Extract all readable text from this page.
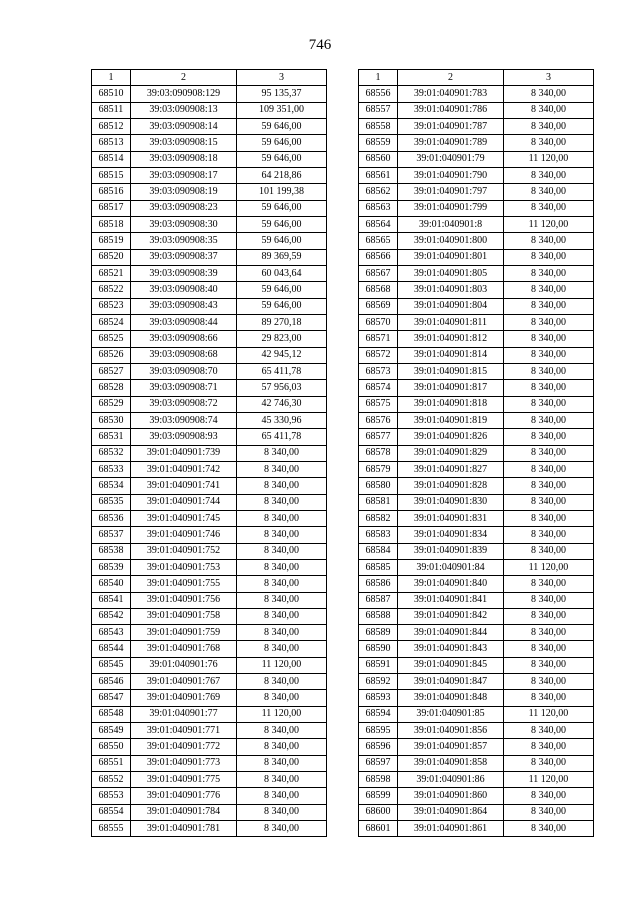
746
1	2	3
68510	39:03:090908:129	95 135,37
68511	39:03:090908:13	109 351,00
68512	39:03:090908:14	59 646,00
68513	39:03:090908:15	59 646,00
68514	39:03:090908:18	59 646,00
68515	39:03:090908:17	64 218,86
68516	39:03:090908:19	101 199,38
68517	39:03:090908:23	59 646,00
68518	39:03:090908:30	59 646,00
68519	39:03:090908:35	59 646,00
68520	39:03:090908:37	89 369,59
68521	39:03:090908:39	60 043,64
68522	39:03:090908:40	59 646,00
68523	39:03:090908:43	59 646,00
68524	39:03:090908:44	89 270,18
68525	39:03:090908:66	29 823,00
68526	39:03:090908:68	42 945,12
68527	39:03:090908:70	65 411,78
68528	39:03:090908:71	57 956,03
68529	39:03:090908:72	42 746,30
68530	39:03:090908:74	45 330,96
68531	39:03:090908:93	65 411,78
68532	39:01:040901:739	8 340,00
68533	39:01:040901:742	8 340,00
68534	39:01:040901:741	8 340,00
68535	39:01:040901:744	8 340,00
68536	39:01:040901:745	8 340,00
68537	39:01:040901:746	8 340,00
68538	39:01:040901:752	8 340,00
68539	39:01:040901:753	8 340,00
68540	39:01:040901:755	8 340,00
68541	39:01:040901:756	8 340,00
68542	39:01:040901:758	8 340,00
68543	39:01:040901:759	8 340,00
68544	39:01:040901:768	8 340,00
68545	39:01:040901:76	11 120,00
68546	39:01:040901:767	8 340,00
68547	39:01:040901:769	8 340,00
68548	39:01:040901:77	11 120,00
68549	39:01:040901:771	8 340,00
68550	39:01:040901:772	8 340,00
68551	39:01:040901:773	8 340,00
68552	39:01:040901:775	8 340,00
68553	39:01:040901:776	8 340,00
68554	39:01:040901:784	8 340,00
68555	39:01:040901:781	8 340,00
1	2	3
68556	39:01:040901:783	8 340,00
68557	39:01:040901:786	8 340,00
68558	39:01:040901:787	8 340,00
68559	39:01:040901:789	8 340,00
68560	39:01:040901:79	11 120,00
68561	39:01:040901:790	8 340,00
68562	39:01:040901:797	8 340,00
68563	39:01:040901:799	8 340,00
68564	39:01:040901:8	11 120,00
68565	39:01:040901:800	8 340,00
68566	39:01:040901:801	8 340,00
68567	39:01:040901:805	8 340,00
68568	39:01:040901:803	8 340,00
68569	39:01:040901:804	8 340,00
68570	39:01:040901:811	8 340,00
68571	39:01:040901:812	8 340,00
68572	39:01:040901:814	8 340,00
68573	39:01:040901:815	8 340,00
68574	39:01:040901:817	8 340,00
68575	39:01:040901:818	8 340,00
68576	39:01:040901:819	8 340,00
68577	39:01:040901:826	8 340,00
68578	39:01:040901:829	8 340,00
68579	39:01:040901:827	8 340,00
68580	39:01:040901:828	8 340,00
68581	39:01:040901:830	8 340,00
68582	39:01:040901:831	8 340,00
68583	39:01:040901:834	8 340,00
68584	39:01:040901:839	8 340,00
68585	39:01:040901:84	11 120,00
68586	39:01:040901:840	8 340,00
68587	39:01:040901:841	8 340,00
68588	39:01:040901:842	8 340,00
68589	39:01:040901:844	8 340,00
68590	39:01:040901:843	8 340,00
68591	39:01:040901:845	8 340,00
68592	39:01:040901:847	8 340,00
68593	39:01:040901:848	8 340,00
68594	39:01:040901:85	11 120,00
68595	39:01:040901:856	8 340,00
68596	39:01:040901:857	8 340,00
68597	39:01:040901:858	8 340,00
68598	39:01:040901:86	11 120,00
68599	39:01:040901:860	8 340,00
68600	39:01:040901:864	8 340,00
68601	39:01:040901:861	8 340,00
